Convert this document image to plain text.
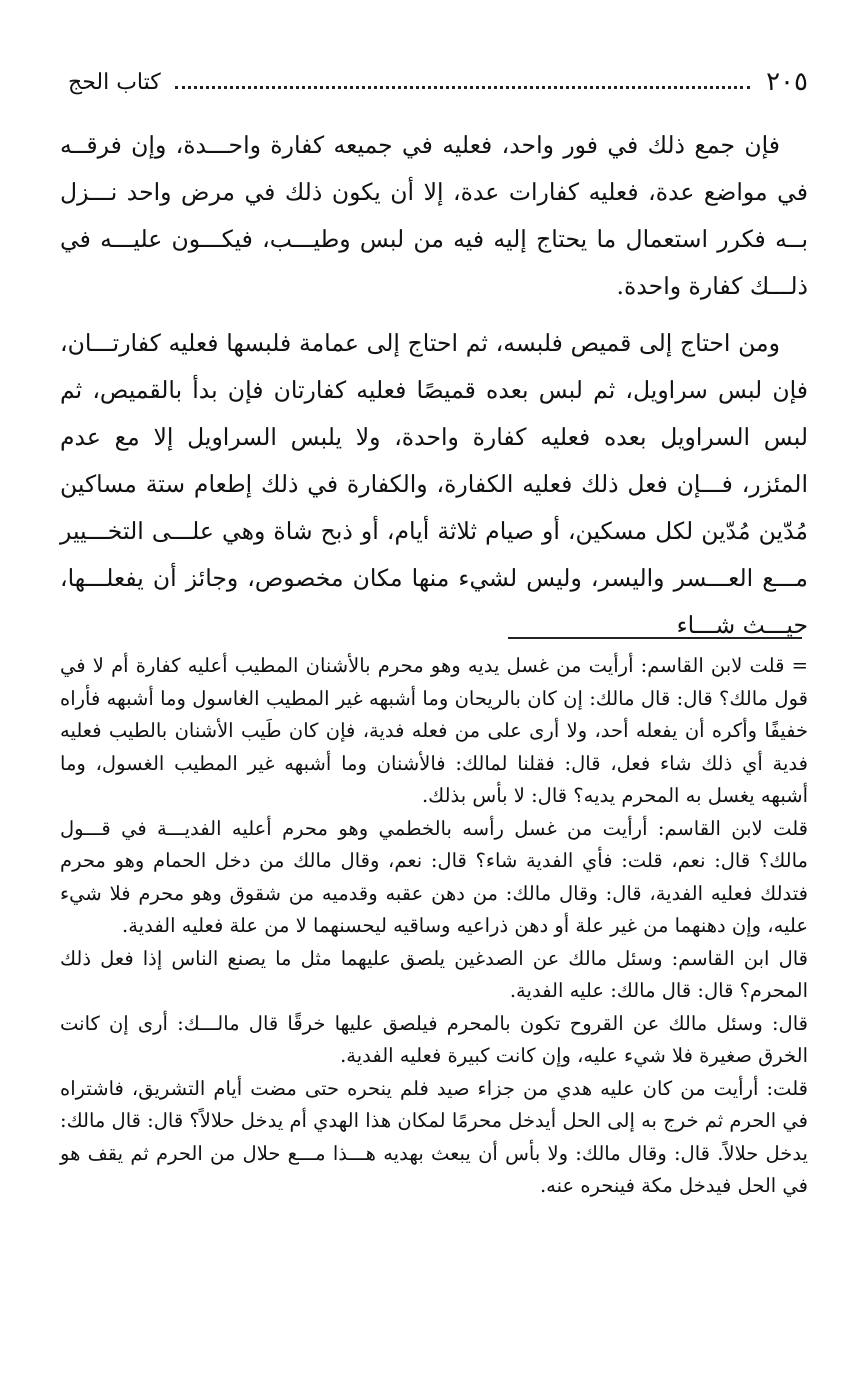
٢٠٥
كتاب الحج

فإن جمع ذلك في فور واحد، فعليه في جميعه كفارة واحـــدة، وإن فرقــه في مواضع عدة، فعليه كفارات عدة، إلا أن يكون ذلك في مرض واحد نـــزل بــه فكرر استعمال ما يحتاج إليه فيه من لبس وطيـــب، فيكـــون عليـــه في ذلـــك كفارة واحدة.

ومن احتاج إلى قميص فلبسه، ثم احتاج إلى عمامة فلبسها فعليه كفارتـــان، فإن لبس سراويل، ثم لبس بعده قميصًا فعليه كفارتان فإن بدأ بالقميص، ثم لبس السراويل بعده فعليه كفارة واحدة، ولا يلبس السراويل إلا مع عدم المئزر، فـــإن فعل ذلك فعليه الكفارة، والكفارة في ذلك إطعام ستة مساكين مُدّين مُدّين لكل مسكين، أو صيام ثلاثة أيام، أو ذبح شاة وهي علـــى التخـــيير مـــع العـــسر واليسر، وليس لشيء منها مكان مخصوص، وجائز أن يفعلـــها، حيـــث شـــاء

= قلت لابن القاسم: أرأيت من غسل يديه وهو محرم بالأشنان المطيب أعليه كفارة أم لا في قول مالك؟ قال: قال مالك: إن كان بالريحان وما أشبهه غير المطيب الغاسول وما أشبهه فأراه خفيفًا وأكره أن يفعله أحد، ولا أرى على من فعله فدية، فإن كان طَيب الأشنان بالطيب فعليه فدية أي ذلك شاء فعل، قال: فقلنا لمالك: فالأشنان وما أشبهه غير المطيب الغسول، وما أشبهه يغسل به المحرم يديه؟ قال: لا بأس بذلك.

قلت لابن القاسم: أرأيت من غسل رأسه بالخطمي وهو محرم أعليه الفديـــة في قـــول مالك؟ قال: نعم، قلت: فأي الفدية شاء؟ قال: نعم، وقال مالك من دخل الحمام وهو محرم فتدلك فعليه الفدية، قال: وقال مالك: من دهن عقبه وقدميه من شقوق وهو محرم فلا شيء عليه، وإن دهنهما من غير علة أو دهن ذراعيه وساقيه ليحسنهما لا من علة فعليه الفدية.

قال ابن القاسم: وسئل مالك عن الصدغين يلصق عليهما مثل ما يصنع الناس إذا فعل ذلك المحرم؟ قال: قال مالك: عليه الفدية.

قال: وسئل مالك عن القروح تكون بالمحرم فيلصق عليها خرقًا قال مالـــك: أرى إن كانت الخرق صغيرة فلا شيء عليه، وإن كانت كبيرة فعليه الفدية.

قلت: أرأيت من كان عليه هدي من جزاء صيد فلم ينحره حتى مضت أيام التشريق، فاشتراه في الحرم ثم خرج به إلى الحل أيدخل محرمًا لمكان هذا الهدي أم يدخل حلالاً؟ قال: قال مالك: يدخل حلالاً. قال: وقال مالك: ولا بأس أن يبعث بهديه هـــذا مـــع حلال من الحرم ثم يقف هو في الحل فيدخل مكة فينحره عنه.
